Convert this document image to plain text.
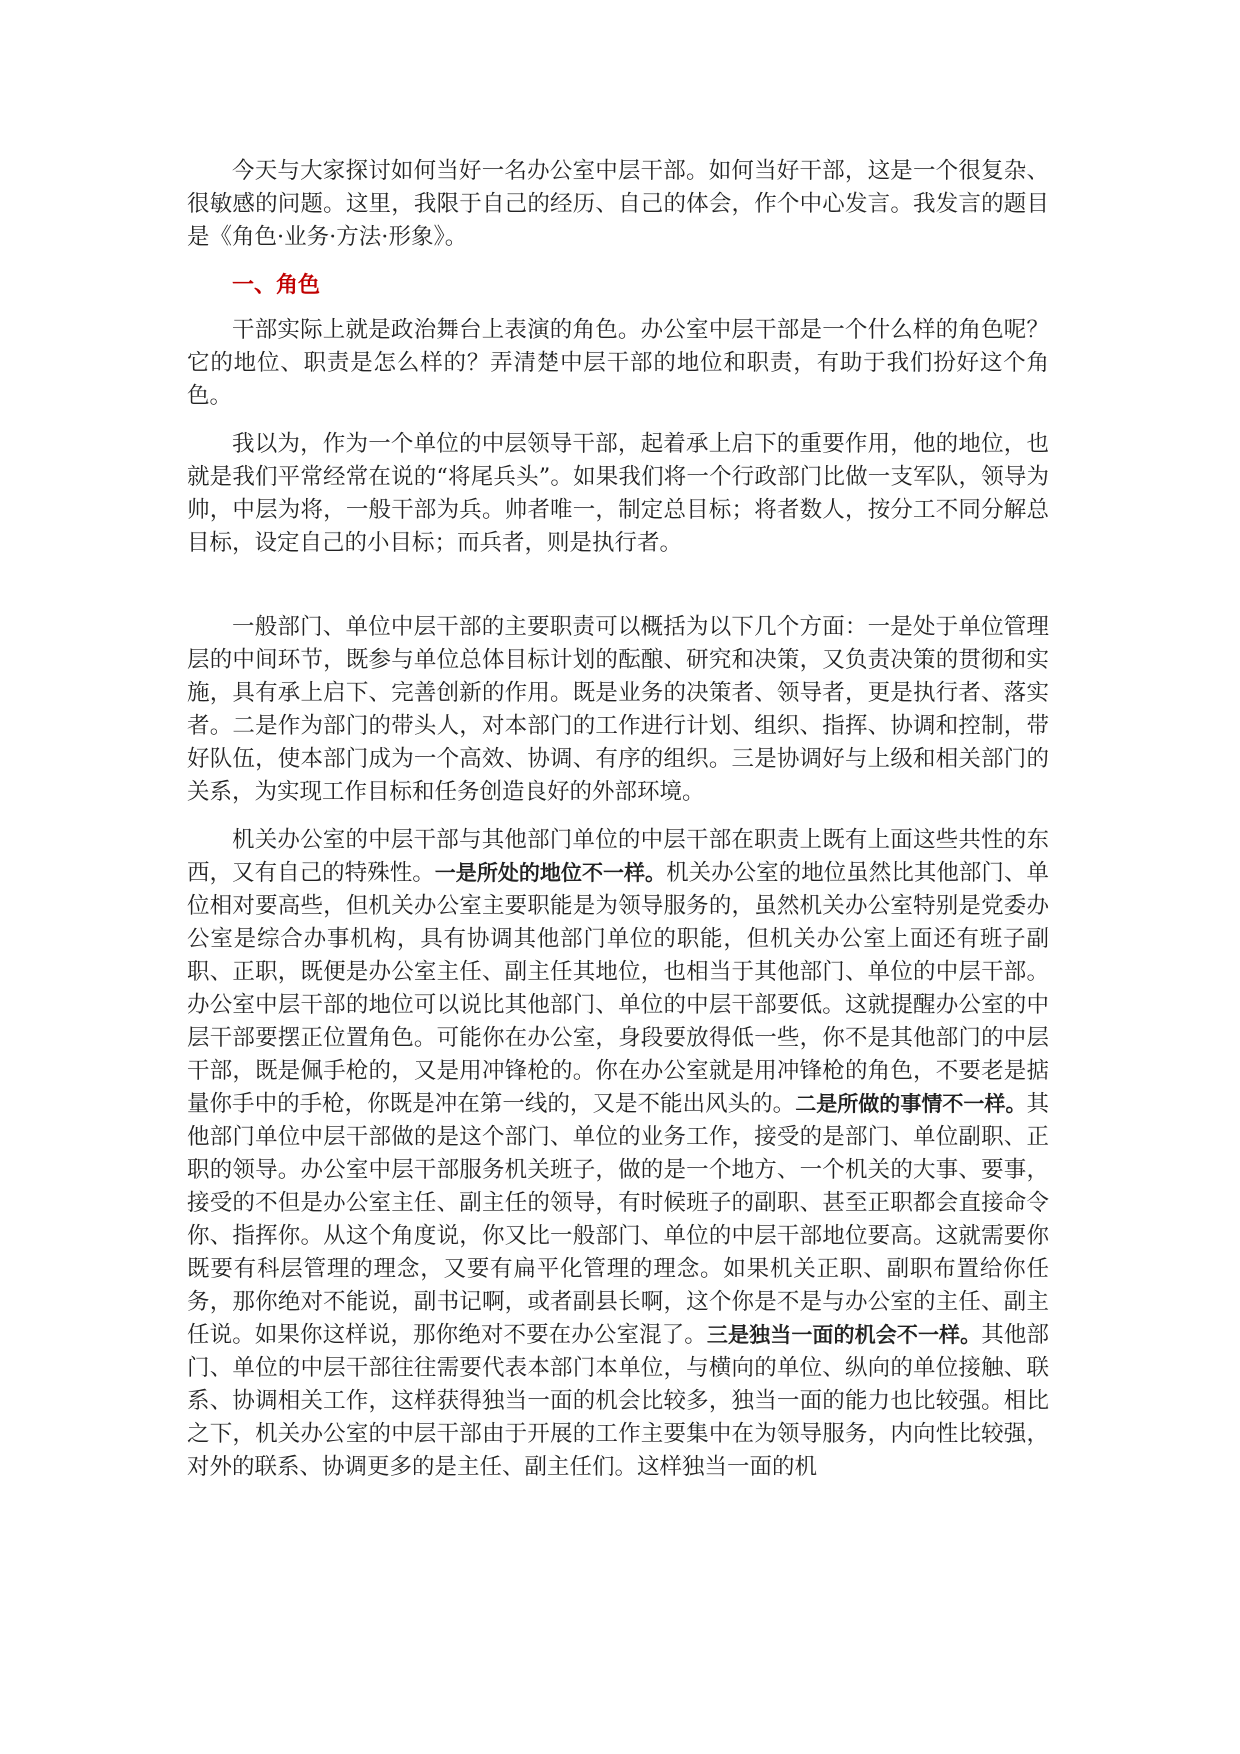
今天与大家探讨如何当好一名办公室中层干部。如何当好干部，这是一个很复杂、很敏感的问题。这里，我限于自己的经历、自己的体会，作个中心发言。我发言的题目是《角色·业务·方法·形象》。

一、角色

干部实际上就是政治舞台上表演的角色。办公室中层干部是一个什么样的角色呢？它的地位、职责是怎么样的？弄清楚中层干部的地位和职责，有助于我们扮好这个角色。

我以为，作为一个单位的中层领导干部，起着承上启下的重要作用，他的地位，也就是我们平常经常在说的“将尾兵头”。如果我们将一个行政部门比做一支军队，领导为帅，中层为将，一般干部为兵。帅者唯一，制定总目标；将者数人，按分工不同分解总目标，设定自己的小目标；而兵者，则是执行者。

一般部门、单位中层干部的主要职责可以概括为以下几个方面：一是处于单位管理层的中间环节，既参与单位总体目标计划的酝酿、研究和决策，又负责决策的贯彻和实施，具有承上启下、完善创新的作用。既是业务的决策者、领导者，更是执行者、落实者。二是作为部门的带头人，对本部门的工作进行计划、组织、指挥、协调和控制，带好队伍，使本部门成为一个高效、协调、有序的组织。三是协调好与上级和相关部门的关系，为实现工作目标和任务创造良好的外部环境。

机关办公室的中层干部与其他部门单位的中层干部在职责上既有上面这些共性的东西，又有自己的特殊性。一是所处的地位不一样。机关办公室的地位虽然比其他部门、单位相对要高些，但机关办公室主要职能是为领导服务的，虽然机关办公室特别是党委办公室是综合办事机构，具有协调其他部门单位的职能，但机关办公室上面还有班子副职、正职，既便是办公室主任、副主任其地位，也相当于其他部门、单位的中层干部。办公室中层干部的地位可以说比其他部门、单位的中层干部要低。这就提醒办公室的中层干部要摆正位置角色。可能你在办公室，身段要放得低一些，你不是其他部门的中层干部，既是佩手枪的，又是用冲锋枪的。你在办公室就是用冲锋枪的角色，不要老是掂量你手中的手枪，你既是冲在第一线的，又是不能出风头的。二是所做的事情不一样。其他部门单位中层干部做的是这个部门、单位的业务工作，接受的是部门、单位副职、正职的领导。办公室中层干部服务机关班子，做的是一个地方、一个机关的大事、要事，接受的不但是办公室主任、副主任的领导，有时候班子的副职、甚至正职都会直接命令你、指挥你。从这个角度说，你又比一般部门、单位的中层干部地位要高。这就需要你既要有科层管理的理念，又要有扁平化管理的理念。如果机关正职、副职布置给你任务，那你绝对不能说，副书记啊，或者副县长啊，这个你是不是与办公室的主任、副主任说。如果你这样说，那你绝对不要在办公室混了。三是独当一面的机会不一样。其他部门、单位的中层干部往往需要代表本部门本单位，与横向的单位、纵向的单位接触、联系、协调相关工作，这样获得独当一面的机会比较多，独当一面的能力也比较强。相比之下，机关办公室的中层干部由于开展的工作主要集中在为领导服务，内向性比较强，对外的联系、协调更多的是主任、副主任们。这样独当一面的机
